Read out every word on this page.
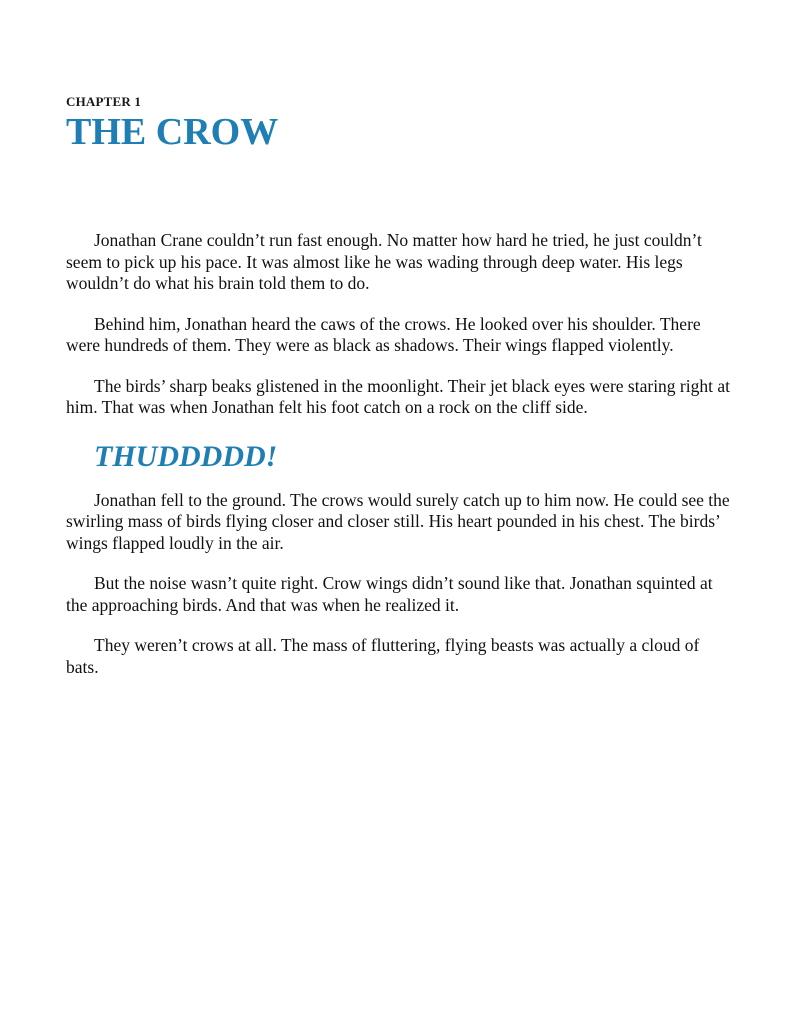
CHAPTER 1
THE CROW

Jonathan Crane couldn’t run fast enough. No matter how hard he tried, he just couldn’t seem to pick up his pace. It was almost like he was wading through deep water. His legs wouldn’t do what his brain told them to do.

Behind him, Jonathan heard the caws of the crows. He looked over his shoulder. There were hundreds of them. They were as black as shadows. Their wings flapped violently.

The birds’ sharp beaks glistened in the moonlight. Their jet black eyes were staring right at him. That was when Jonathan felt his foot catch on a rock on the cliff side.

THUDDDDD!

Jonathan fell to the ground. The crows would surely catch up to him now. He could see the swirling mass of birds flying closer and closer still. His heart pounded in his chest. The birds’ wings flapped loudly in the air.

But the noise wasn’t quite right. Crow wings didn’t sound like that. Jonathan squinted at the approaching birds. And that was when he realized it.

They weren’t crows at all. The mass of fluttering, flying beasts was actually a cloud of bats.
